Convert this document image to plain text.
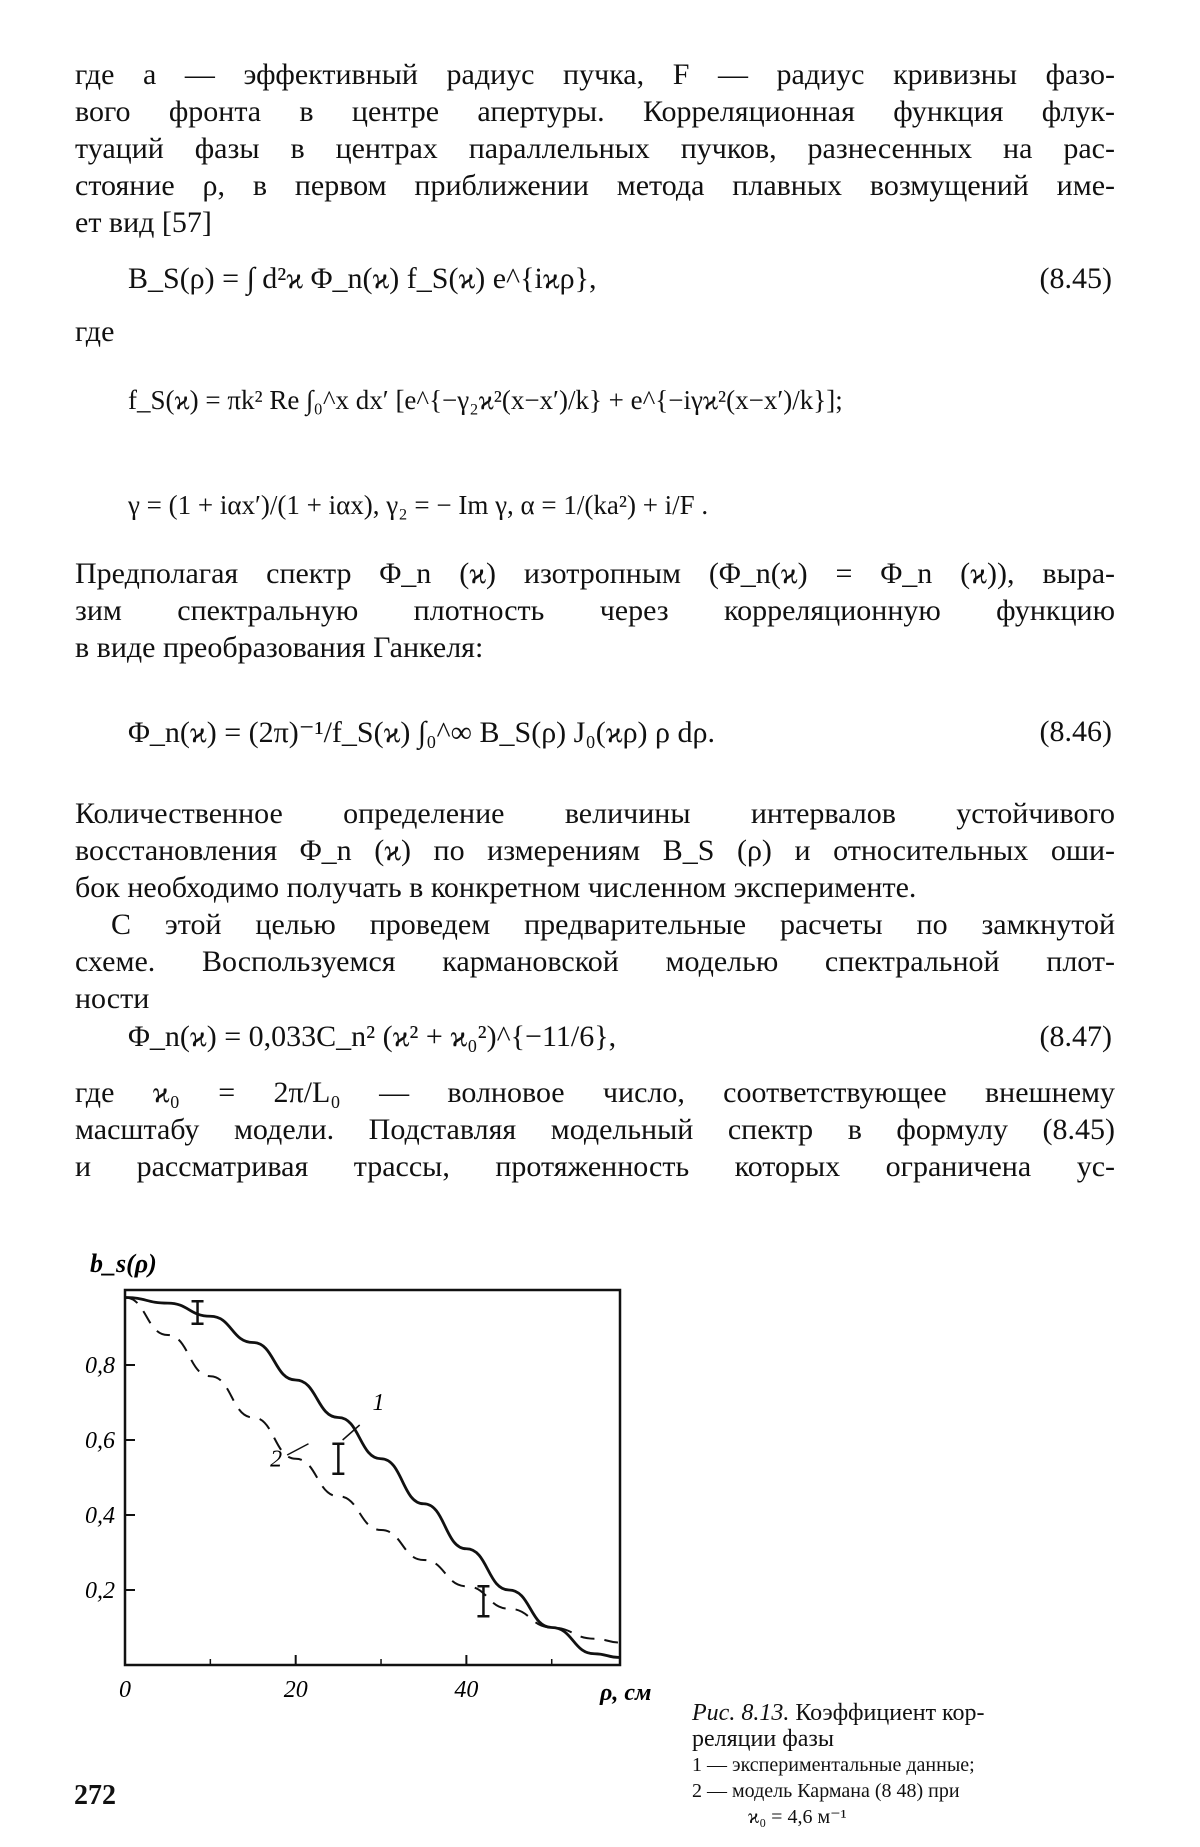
где a — эффективный радиус пучка, F — радиус кривизны фазо-
вого фронта в центре апертуры. Корреляционная функция флук-
туаций фазы в центрах параллельных пучков, разнесенных на рас-
стояние ρ, в первом приближении метода плавных возмущений име-
ет вид [57]
B_S(ρ) = ∫ d²ϰ Φ_n(ϰ) f_S(ϰ) e^{iϰρ},	(8.45)
где
f_S(ϰ) = πk² Re ∫₀^x dx′ [e^{−γ₂ϰ²(x−x′)/k} + e^{−iγϰ²(x−x′)/k}];
γ = (1 + iαx′)/(1 + iαx), γ₂ = − Im γ, α = 1/(ka²) + i/F .
Предполагая спектр Φ_n (ϰ) изотропным (Φ_n(ϰ) = Φ_n (ϰ)), выра-
зим спектральную плотность через корреляционную функцию
в виде преобразования Ганкеля:
Φ_n(ϰ) = (2π)⁻¹/f_S(ϰ) ∫₀^∞ B_S(ρ) J₀(ϰρ) ρ dρ.	(8.46)
Количественное определение величины интервалов устойчивого
восстановления Φ_n (ϰ) по измерениям B_S (ρ) и относительных оши-
бок необходимо получать в конкретном численном эксперименте.
С этой целью проведем предварительные расчеты по замкнутой
схеме. Воспользуемся кармановской моделью спектральной плот-
ности
Φ_n(ϰ) = 0,033C_n² (ϰ² + ϰ₀²)^{−11/6},	(8.47)
где ϰ₀ = 2π/L₀ — волновое число, соответствующее внешнему
масштабу модели. Подставляя модельный спектр в формулу (8.45)
и рассматривая трассы, протяженность которых ограничена ус-
0,2
0,4
0,6
0,8
0	20	40
b_s(ρ)
ρ, см
1
2
Рис. 8.13. Коэффициент кор-
реляции фазы
1 — экспериментальные данные;
2 — модель Кармана (8 48) при
ϰ₀ = 4,6 м⁻¹
272
